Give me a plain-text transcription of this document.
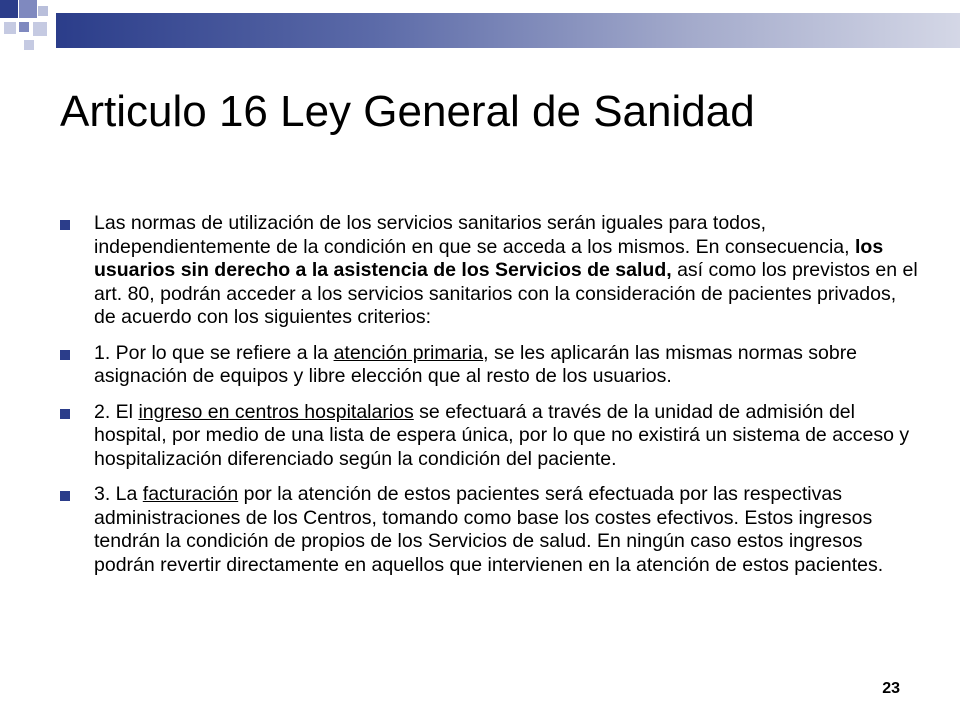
Articulo 16 Ley General de Sanidad
Las normas de utilización de los servicios sanitarios serán iguales para todos, independientemente de la condición en que se acceda a los mismos. En consecuencia, los usuarios sin derecho a la asistencia de los Servicios de salud, así como los previstos en el art. 80, podrán acceder a los servicios sanitarios con la consideración de pacientes privados, de acuerdo con los siguientes criterios:
1. Por lo que se refiere a la atención primaria, se les aplicarán las mismas normas sobre asignación de equipos y libre elección que al resto de los usuarios.
2. El ingreso en centros hospitalarios se efectuará a través de la unidad de admisión del hospital, por medio de una lista de espera única, por lo que no existirá un sistema de acceso y hospitalización diferenciado según la condición del paciente.
3. La facturación por la atención de estos pacientes será efectuada por las respectivas administraciones de los Centros, tomando como base los costes efectivos. Estos ingresos tendrán la condición de propios de los Servicios de salud. En ningún caso estos ingresos podrán revertir directamente en aquellos que intervienen en la atención de estos pacientes.
23
